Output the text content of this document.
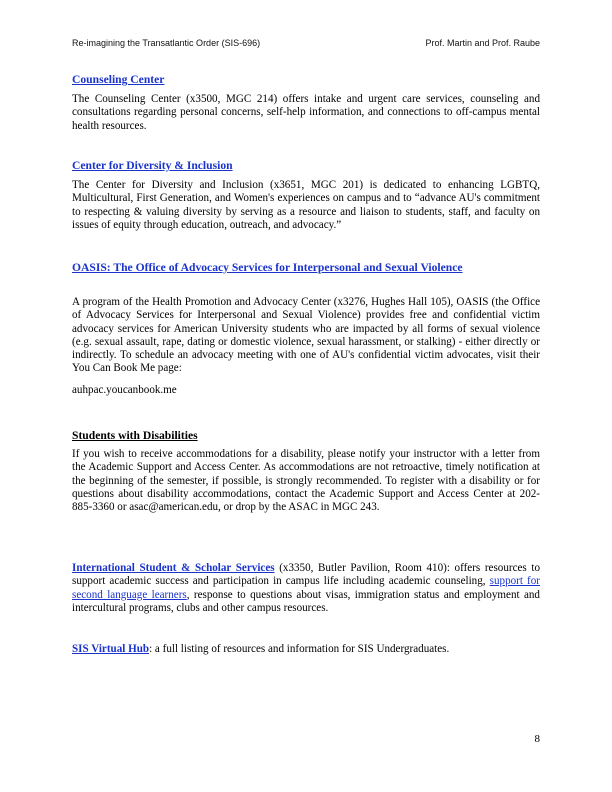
Re-imagining the Transatlantic Order (SIS-696)	Prof. Martin and Prof. Raube

Counseling Center

The Counseling Center (x3500, MGC 214) offers intake and urgent care services, counseling and consultations regarding personal concerns, self-help information, and connections to off-campus mental health resources.

Center for Diversity & Inclusion

The Center for Diversity and Inclusion (x3651, MGC 201) is dedicated to enhancing LGBTQ, Multicultural, First Generation, and Women's experiences on campus and to “advance AU's commitment to respecting & valuing diversity by serving as a resource and liaison to students, staff, and faculty on issues of equity through education, outreach, and advocacy.”

OASIS: The Office of Advocacy Services for Interpersonal and Sexual Violence

A program of the Health Promotion and Advocacy Center (x3276, Hughes Hall 105), OASIS (the Office of Advocacy Services for Interpersonal and Sexual Violence) provides free and confidential victim advocacy services for American University students who are impacted by all forms of sexual violence (e.g. sexual assault, rape, dating or domestic violence, sexual harassment, or stalking) - either directly or indirectly. To schedule an advocacy meeting with one of AU's confidential victim advocates, visit their You Can Book Me page:

auhpac.youcanbook.me

Students with Disabilities

If you wish to receive accommodations for a disability, please notify your instructor with a letter from the Academic Support and Access Center. As accommodations are not retroactive, timely notification at the beginning of the semester, if possible, is strongly recommended. To register with a disability or for questions about disability accommodations, contact the Academic Support and Access Center at 202-885-3360 or asac@american.edu, or drop by the ASAC in MGC 243.

International Student & Scholar Services (x3350, Butler Pavilion, Room 410): offers resources to support academic success and participation in campus life including academic counseling, support for second language learners, response to questions about visas, immigration status and employment and intercultural programs, clubs and other campus resources.

SIS Virtual Hub: a full listing of resources and information for SIS Undergraduates.

8
